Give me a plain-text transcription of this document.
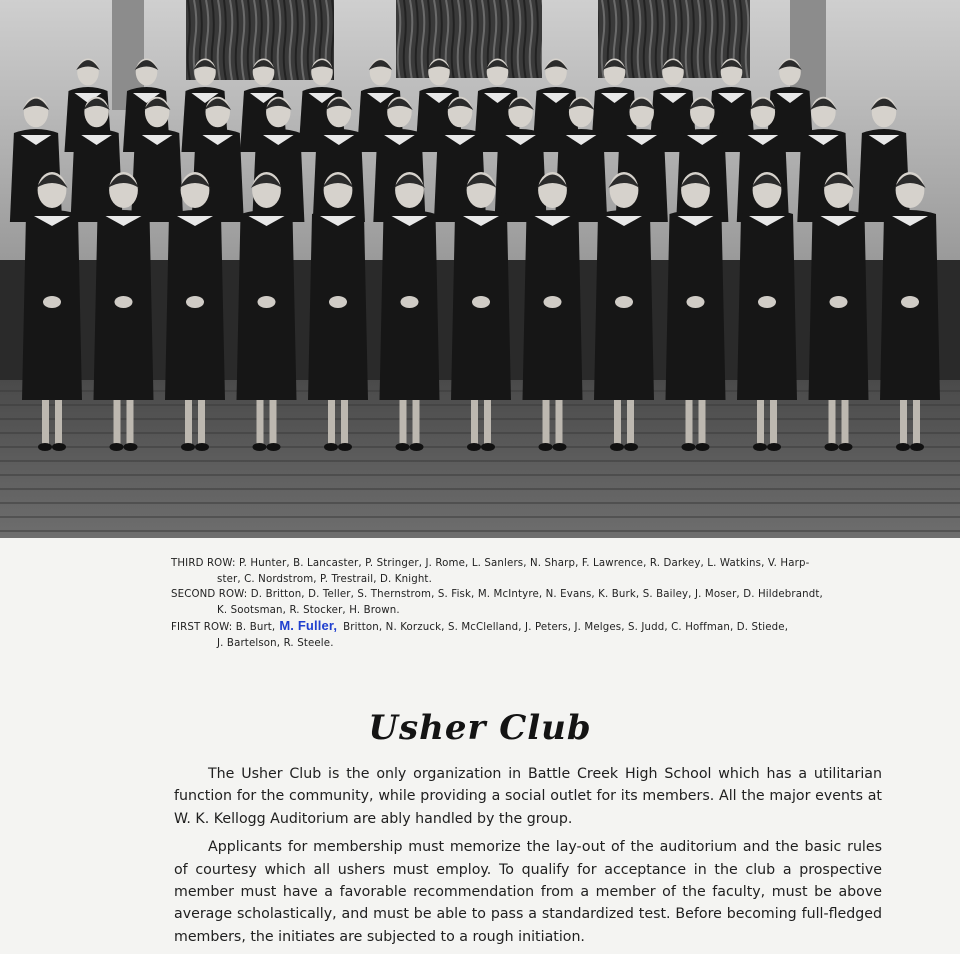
THIRD ROW: P. Hunter, B. Lancaster, P. Stringer, J. Rome, L. Sanlers, N. Sharp, F. Lawrence, R. Darkey, L. Watkins, V. Harp-
ster, C. Nordstrom, P. Trestrail, D. Knight.

SECOND ROW: D. Britton, D. Teller, S. Thernstrom, S. Fisk, M. McIntyre, N. Evans, K. Burk, S. Bailey, J. Moser, D. Hildebrandt,
K. Sootsman, R. Stocker, H. Brown.

FIRST ROW: B. Burt, M. Fuller, Britton, N. Korzuck, S. McClelland, J. Peters, J. Melges, S. Judd, C. Hoffman, D. Stiede,
J. Bartelson, R. Steele.

Usher Club

The Usher Club is the only organization in Battle Creek High School which has a utilitarian function for the community, while providing a social outlet for its members. All the major events at W. K. Kellogg Auditorium are ably handled by the group.

Applicants for membership must memorize the lay-out of the auditorium and the basic rules of courtesy which all ushers must employ. To qualify for acceptance in the club a prospective member must have a favorable recommendation from a member of the faculty, must be above average scholastically, and must be able to pass a standardized test. Before becoming full-fledged members, the initiates are subjected to a rough initiation.
